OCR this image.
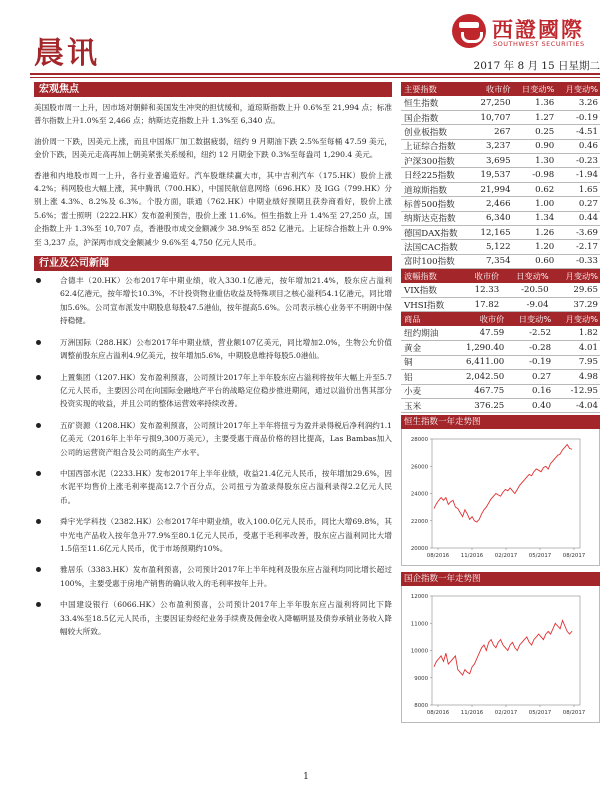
晨讯
西證國際
SOUTHWEST SECURITIES
2017 年 8 月 15 日星期二
宏观焦点
美国股市周一上升，因市场对朝鲜和美国发生冲突的担忧缓和，道琼斯指数上升 0.6%至 21,994 点；标准普尔指数上升1.0%至 2,466 点；纳斯达克指数上升 1.3%至 6,340 点。
油价周一下跌，因美元上涨，而且中国炼厂加工数据疲弱，纽约 9 月期油下跌 2.5%至每桶 47.59 美元，金价下跌，因美元走高再加上朝美紧张关系缓和，纽约 12 月期金下跌 0.3%至每盎司 1,290.4 美元。
香港和内地股市周一上升，各行业普遍造好。汽车股继续赢大市，其中吉利汽车（175.HK）股价上涨 4.2%；科网股也大幅上涨，其中腾讯（700.HK），中国民航信息网络（696.HK）及 IGG（799.HK）分别上涨 4.3%、8.2%及 6.3%。个股方面，联通（762.HK）中期业绩好预期且获券商看好，股价上涨 5.6%；雷士照明（2222.HK）发布盈利预告，股价上涨 11.6%。恒生指数上升 1.4%至 27,250 点，国企指数上升 1.3%至 10,707 点，香港股市成交金额减少 38.9%至 852 亿港元。上证综合指数上升 0.9%至 3,237 点，沪深两市成交金额减少 9.6%至 4,750 亿元人民币。
行业及公司新闻
合德丰（20.HK）公布2017年中期业绩，收入330.1亿港元，按年增加21.4%，股东应占溢利62.4亿港元，按年增长10.3%，不计投资物业重估收益及特殊项目之核心溢利54.1亿港元，同比增加5.6%。公司宣布派发中期股息每股47.5港仙，按年提高5.6%。公司表示核心业务平不明朗中保持稳健。
万洲国际（288.HK）公布2017年中期业绩，营业额107亿美元，同比增加2.0%，生物公允价值调整前股东应占溢利4.9亿美元，按年增加5.6%，中期股息维持每股5.0港仙。
上置集团（1207.HK）发布盈利预喜，公司预计2017年上半年股东应占溢利将按年大幅上升至5.7亿元人民币，主要因公司在向国际金融地产平台的战略定位稳步推进期间，通过以溢价出售其部分投资实现的收益，并且公司的整体运营效率持续改善。
五矿资源（1208.HK）发布盈利预喜，公司预计2017年上半年将扭亏为盈并录得税后净利润约1.1亿美元（2016年上半年亏损9,300万美元），主要受惠于商品价格的回比提高，Las Bambas加入公司的运营资产组合及公司的高生产水平。
中国西部水泥（2233.HK）发布2017年上半年业绩，收益21.4亿元人民币，按年增加29.6%，因水泥平均售价上涨毛利率提高12.7个百分点，公司扭亏为盈录得股东应占溢利录得2.2亿元人民币。
舜宇光学科技（2382.HK）公布2017年中期业绩，收入100.0亿元人民币，同比大增69.8%，其中光电产品收入按年急升77.9%至80.1亿元人民币，受惠于毛利率改善，股东应占溢利同比大增1.5倍至11.6亿元人民币，优于市场预期约10%。
雅居乐（3383.HK）发布盈利预喜，公司预计2017年上半年纯利及股东应占溢利均同比增长超过100%，主要受惠于房地产销售的确认收入的毛利率按年上升。
中国建设银行（6066.HK）公布盈利预喜，公司预计2017年上半年股东应占溢利将同比下降33.4%至18.5亿元人民币，主要因证券经纪业务手续费及佣金收入降幅明显及债券承销业务收入降幅较大所致。
主要指数	收市价	日变动%	月变动%
恒生指数	27,250	1.36	3.26
国企指数	10,707	1.27	-0.19
创业板指数	267	0.25	-4.51
上证综合指数	3,237	0.90	0.46
沪深300指数	3,695	1.30	-0.23
日经225指数	19,537	-0.98	-1.94
道琼斯指数	21,994	0.62	1.65
标普500指数	2,466	1.00	0.27
纳斯达克指数	6,340	1.34	0.44
德国DAX指数	12,165	1.26	-3.69
法国CAC指数	5,122	1.20	-2.17
富时100指数	7,354	0.60	-0.33
波幅指数	收市价	日变动%	月变动%
VIX指数	12.33	-20.50	29.65
VHSI指数	17.82	-9.04	37.29
商品	收市价	日变动%	月变动%
纽约期油	47.59	-2.52	1.82
黄金	1,290.40	-0.28	4.01
铜	6,411.00	-0.19	7.95
铝	2,042.50	0.27	4.98
小麦	467.75	0.16	-12.95
玉米	376.25	0.40	-4.04
恒生指数一年走势图
20000
22000
24000
26000
28000
08/2016 11/2016 02/2017 05/2017 08/2017
国企指数一年走势图
8000
9000
10000
11000
12000
08/2016 11/2016 02/2017 05/2017 08/2017
1
